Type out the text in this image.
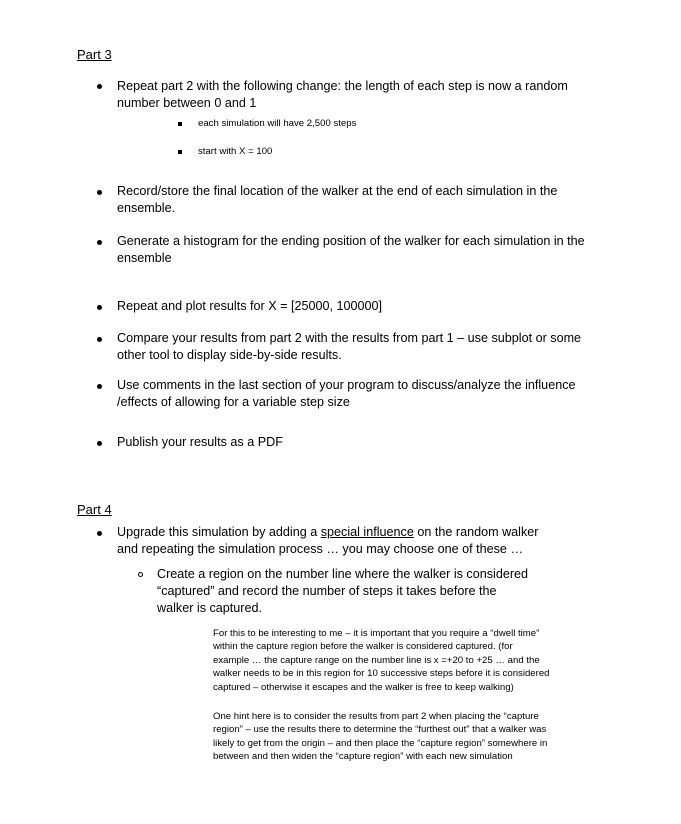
Part 3
Repeat part 2 with the following change: the length of each step is now a random
number between 0 and 1
each simulation will have 2,500 steps
start with X = 100
Record/store the final location of the walker at the end of each simulation in the
ensemble.
Generate a histogram for the ending position of the walker for each simulation in the
ensemble
Repeat and plot results for X = [25000, 100000]
Compare your results from part 2 with the results from part 1 – use subplot or some
other tool to display side-by-side results.
Use comments in the last section of your program to discuss/analyze the influence
/effects of allowing for a variable step size
Publish your results as a PDF
Part 4
Upgrade this simulation by adding a special influence on the random walker
and repeating the simulation process … you may choose one of these …
Create a region on the number line where the walker is considered
“captured” and record the number of steps it takes before the
walker is captured.
For this to be interesting to me – it is important that you require a “dwell time”
within the capture region before the walker is considered captured. (for
example … the capture range on the number line is x =+20 to +25 … and the
walker needs to be in this region for 10 successive steps before it is considered
captured – otherwise it escapes and the walker is free to keep walking)
One hint here is to consider the results from part 2 when placing the “capture
region” – use the results there to determine the “furthest out” that a walker was
likely to get from the origin – and then place the “capture region” somewhere in
between and then widen the “capture region” with each new simulation
